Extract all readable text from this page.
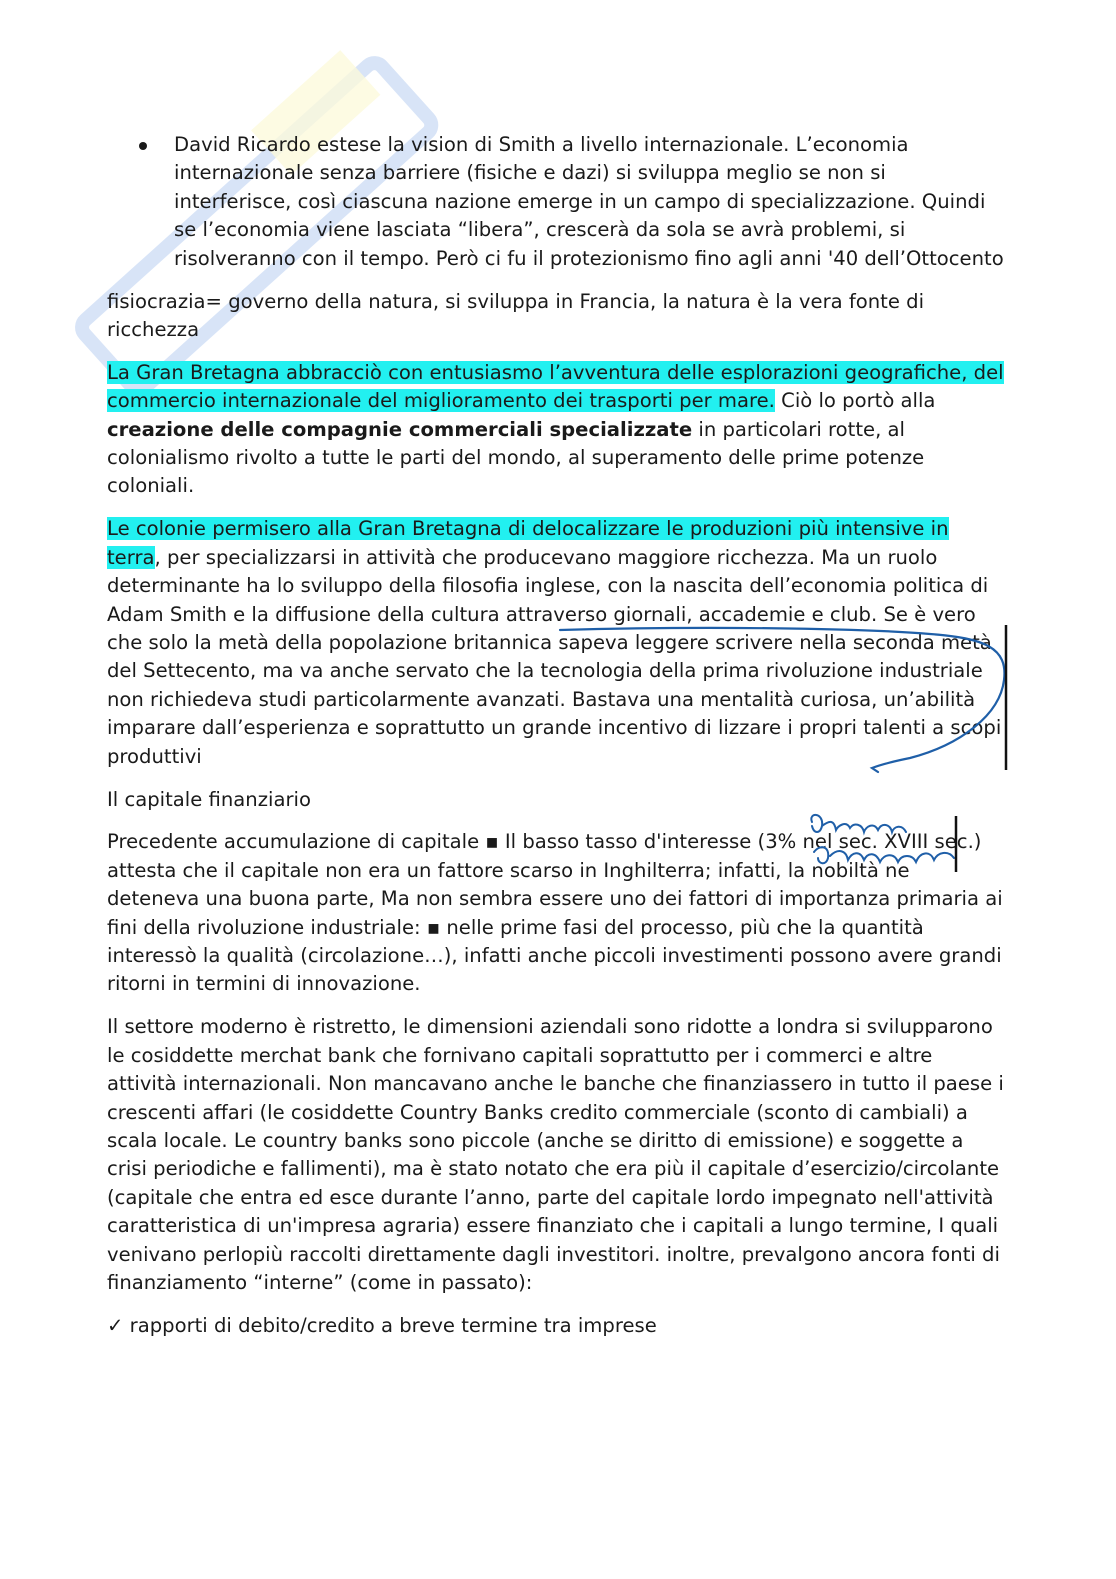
David Ricardo estese la vision di Smith a livello internazionale. L’economia internazionale senza barriere (fisiche e dazi) si sviluppa meglio se non si interferisce, così ciascuna nazione emerge in un campo di specializzazione. Quindi se l’economia viene lasciata “libera”, crescerà da sola se avrà problemi, si risolveranno con il tempo. Però ci fu il protezionismo fino agli anni '40 dell’Ottocento

fisiocrazia= governo della natura, si sviluppa in Francia, la natura è la vera fonte di ricchezza

La Gran Bretagna abbracciò con entusiasmo l’avventura delle esplorazioni geografiche, del commercio internazionale del miglioramento dei trasporti per mare. Ciò lo portò alla creazione delle compagnie commerciali specializzate in particolari rotte, al colonialismo rivolto a tutte le parti del mondo, al superamento delle prime potenze coloniali.

Le colonie permisero alla Gran Bretagna di delocalizzare le produzioni più intensive in terra, per specializzarsi in attività che producevano maggiore ricchezza. Ma un ruolo determinante ha lo sviluppo della filosofia inglese, con la nascita dell’economia politica di Adam Smith e la diffusione della cultura attraverso giornali, accademie e club. Se è vero che solo la metà della popolazione britannica sapeva leggere scrivere nella seconda metà del Settecento, ma va anche servato che la tecnologia della prima rivoluzione industriale non richiedeva studi particolarmente avanzati. Bastava una mentalità curiosa, un’abilità imparare dall’esperienza e soprattutto un grande incentivo di lizzare i propri talenti a scopi produttivi

Il capitale finanziario

Precedente accumulazione di capitale ▪ Il basso tasso d'interesse (3% nel sec. XVIII sec.) attesta che il capitale non era un fattore scarso in Inghilterra; infatti, la nobiltà ne deteneva una buona parte, Ma non sembra essere uno dei fattori di importanza primaria ai fini della rivoluzione industriale: ▪ nelle prime fasi del processo, più che la quantità interessò la qualità (circolazione…), infatti anche piccoli investimenti possono avere grandi ritorni in termini di innovazione.

Il settore moderno è ristretto, le dimensioni aziendali sono ridotte a londra si svilupparono le cosiddette merchat bank che fornivano capitali soprattutto per i commerci e altre attività internazionali. Non mancavano anche le banche che finanziassero in tutto il paese i crescenti affari (le cosiddette Country Banks credito commerciale (sconto di cambiali) a scala locale. Le country banks sono piccole (anche se diritto di emissione) e soggette a crisi periodiche e fallimenti), ma è stato notato che era più il capitale d’esercizio/circolante (capitale che entra ed esce durante l’anno, parte del capitale lordo impegnato nell'attività caratteristica di un'impresa agraria) essere finanziato che i capitali a lungo termine, I quali venivano perlopiù raccolti direttamente dagli investitori. inoltre, prevalgono ancora fonti di finanziamento “interne” (come in passato):

✓ rapporti di debito/credito a breve termine tra imprese
